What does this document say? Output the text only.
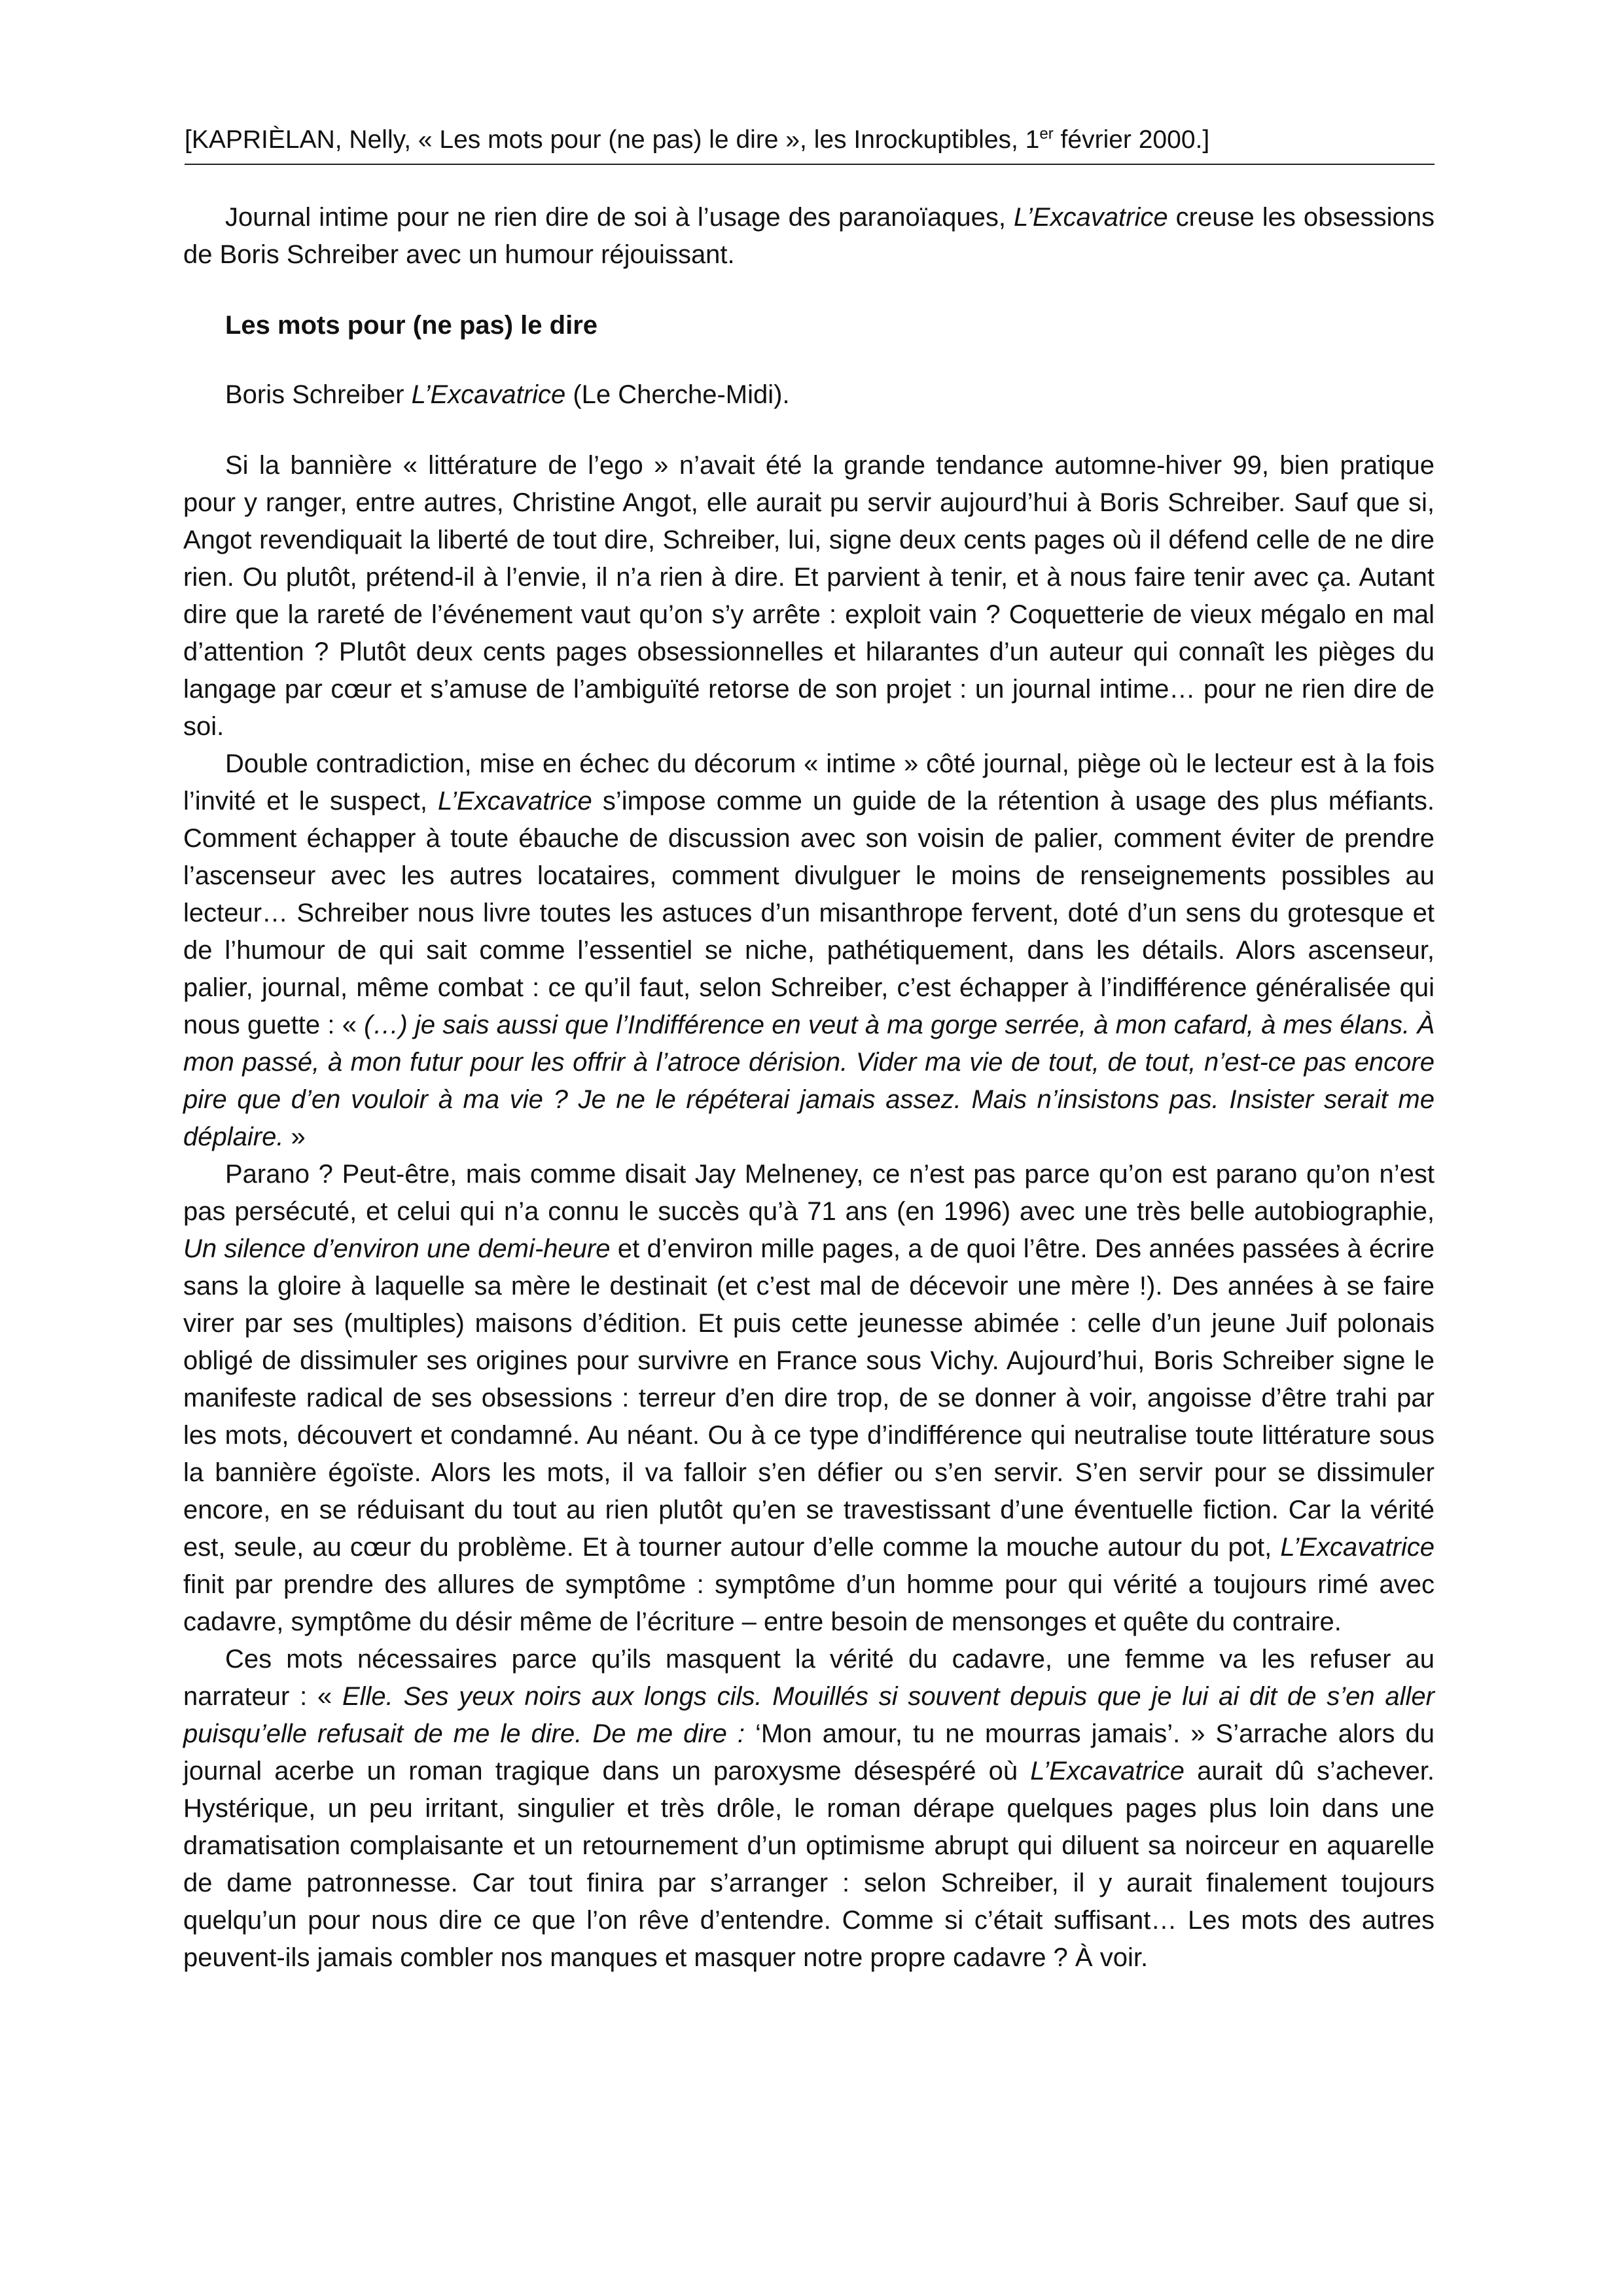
[KAPRIÈLAN, Nelly, « Les mots pour (ne pas) le dire », les Inrockuptibles, 1er février 2000.]

Journal intime pour ne rien dire de soi à l’usage des paranoïaques, L’Excavatrice creuse les obsessions de Boris Schreiber avec un humour réjouissant.

Les mots pour (ne pas) le dire

Boris Schreiber L’Excavatrice (Le Cherche-Midi).

Si la bannière « littérature de l’ego » n’avait été la grande tendance automne-hiver 99, bien pratique pour y ranger, entre autres, Christine Angot, elle aurait pu servir aujourd’hui à Boris Schreiber. Sauf que si, Angot revendiquait la liberté de tout dire, Schreiber, lui, signe deux cents pages où il défend celle de ne dire rien. Ou plutôt, prétend-il à l’envie, il n’a rien à dire. Et parvient à tenir, et à nous faire tenir avec ça. Autant dire que la rareté de l’événement vaut qu’on s’y arrête : exploit vain ? Coquetterie de vieux mégalo en mal d’attention ? Plutôt deux cents pages obsessionnelles et hilarantes d’un auteur qui connaît les pièges du langage par cœur et s’amuse de l’ambiguïté retorse de son projet : un journal intime… pour ne rien dire de soi.

Double contradiction, mise en échec du décorum « intime » côté journal, piège où le lecteur est à la fois l’invité et le suspect, L’Excavatrice s’impose comme un guide de la rétention à usage des plus méfiants. Comment échapper à toute ébauche de discussion avec son voisin de palier, comment éviter de prendre l’ascenseur avec les autres locataires, comment divulguer le moins de renseignements possibles au lecteur… Schreiber nous livre toutes les astuces d’un misanthrope fervent, doté d’un sens du grotesque et de l’humour de qui sait comme l’essentiel se niche, pathétiquement, dans les détails. Alors ascenseur, palier, journal, même combat : ce qu’il faut, selon Schreiber, c’est échapper à l’indifférence généralisée qui nous guette : « (…) je sais aussi que l’Indifférence en veut à ma gorge serrée, à mon cafard, à mes élans. À mon passé, à mon futur pour les offrir à l’atroce dérision. Vider ma vie de tout, de tout, n’est-ce pas encore pire que d’en vouloir à ma vie ? Je ne le répéterai jamais assez. Mais n’insistons pas. Insister serait me déplaire. »

Parano ? Peut-être, mais comme disait Jay Melneney, ce n’est pas parce qu’on est parano qu’on n’est pas persécuté, et celui qui n’a connu le succès qu’à 71 ans (en 1996) avec une très belle autobiographie, Un silence d’environ une demi-heure et d’environ mille pages, a de quoi l’être. Des années passées à écrire sans la gloire à laquelle sa mère le destinait (et c’est mal de décevoir une mère !). Des années à se faire virer par ses (multiples) maisons d’édition. Et puis cette jeunesse abimée : celle d’un jeune Juif polonais obligé de dissimuler ses origines pour survivre en France sous Vichy. Aujourd’hui, Boris Schreiber signe le manifeste radical de ses obsessions : terreur d’en dire trop, de se donner à voir, angoisse d’être trahi par les mots, découvert et condamné. Au néant. Ou à ce type d’indifférence qui neutralise toute littérature sous la bannière égoïste. Alors les mots, il va falloir s’en défier ou s’en servir. S’en servir pour se dissimuler encore, en se réduisant du tout au rien plutôt qu’en se travestissant d’une éventuelle fiction. Car la vérité est, seule, au cœur du problème. Et à tourner autour d’elle comme la mouche autour du pot, L’Excavatrice finit par prendre des allures de symptôme : symptôme d’un homme pour qui vérité a toujours rimé avec cadavre, symptôme du désir même de l’écriture – entre besoin de mensonges et quête du contraire.

Ces mots nécessaires parce qu’ils masquent la vérité du cadavre, une femme va les refuser au narrateur : « Elle. Ses yeux noirs aux longs cils. Mouillés si souvent depuis que je lui ai dit de s’en aller puisqu’elle refusait de me le dire. De me dire : ‘Mon amour, tu ne mourras jamais’. » S’arrache alors du journal acerbe un roman tragique dans un paroxysme désespéré où L’Excavatrice aurait dû s’achever. Hystérique, un peu irritant, singulier et très drôle, le roman dérape quelques pages plus loin dans une dramatisation complaisante et un retournement d’un optimisme abrupt qui diluent sa noirceur en aquarelle de dame patronnesse. Car tout finira par s’arranger : selon Schreiber, il y aurait finalement toujours quelqu’un pour nous dire ce que l’on rêve d’entendre. Comme si c’était suffisant… Les mots des autres peuvent-ils jamais combler nos manques et masquer notre propre cadavre ? À voir.
